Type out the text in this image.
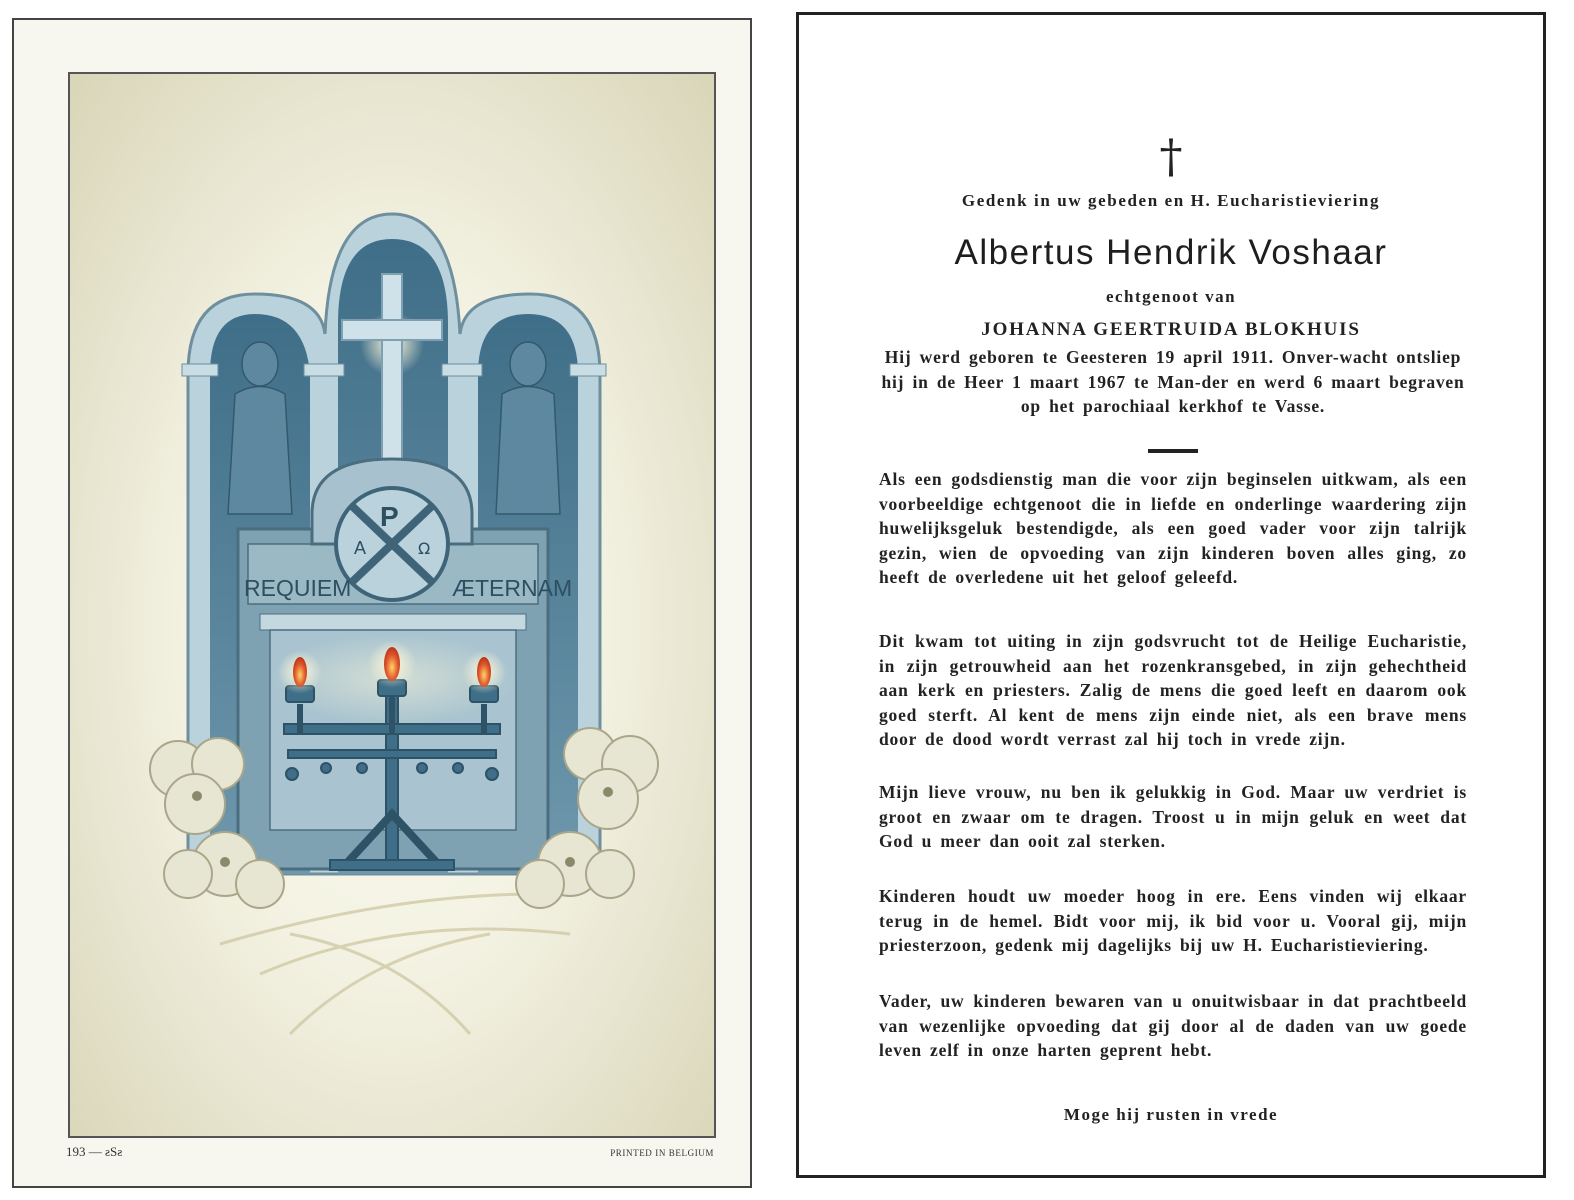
REQUIEM	ÆTERNAM
P
A	Ω
193 — ƨSƨ	PRINTED IN BELGIUM
†
Gedenk in uw gebeden en H. Eucharistieviering
Albertus Hendrik Voshaar
echtgenoot van
JOHANNA GEERTRUIDA BLOKHUIS

Hij werd geboren te Geesteren 19 april 1911. Onver-wacht ontsliep hij in de Heer 1 maart 1967 te Man-der en werd 6 maart begraven op het parochiaal kerkhof te Vasse.

Als een godsdienstig man die voor zijn beginselen uitkwam, als een voorbeeldige echtgenoot die in liefde en onderlinge waardering zijn huwelijksgeluk bestendigde, als een goed vader voor zijn talrijk gezin, wien de opvoeding van zijn kinderen boven alles ging, zo heeft de overledene uit het geloof geleefd.

Dit kwam tot uiting in zijn godsvrucht tot de Heilige Eucharistie, in zijn getrouwheid aan het rozenkransgebed, in zijn gehechtheid aan kerk en priesters. Zalig de mens die goed leeft en daarom ook goed sterft. Al kent de mens zijn einde niet, als een brave mens door de dood wordt verrast zal hij toch in vrede zijn.

Mijn lieve vrouw, nu ben ik gelukkig in God. Maar uw verdriet is groot en zwaar om te dragen. Troost u in mijn geluk en weet dat God u meer dan ooit zal sterken.

Kinderen houdt uw moeder hoog in ere. Eens vinden wij elkaar terug in de hemel. Bidt voor mij, ik bid voor u. Vooral gij, mijn priesterzoon, gedenk mij dagelijks bij uw H. Eucharistieviering.

Vader, uw kinderen bewaren van u onuitwisbaar in dat prachtbeeld van wezenlijke opvoeding dat gij door al de daden van uw goede leven zelf in onze harten geprent hebt.

Moge hij rusten in vrede
